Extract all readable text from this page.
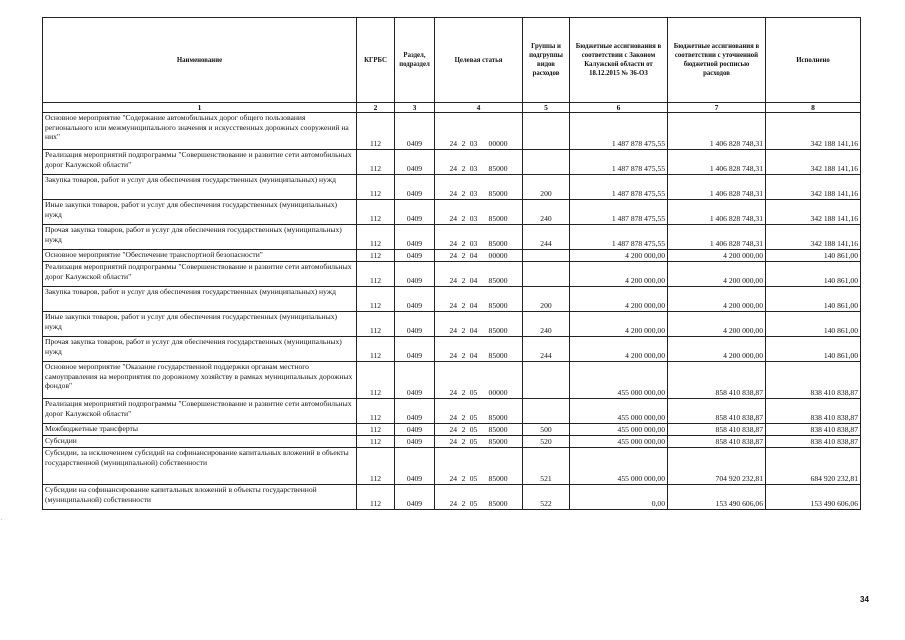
Наименование	КГРБС	Раздел, подраздел	Целевая статья	Группы и подгруппы видов расходов	Бюджетные ассигнования в соответствии с Законом Калужской области от 18.12.2015 № 36-ОЗ	Бюджетные ассигнования в соответствии с уточненной бюджетной росписью расходов	Исполнено
1	2	3	4	5	6	7	8
Основное мероприятие "Содержание автомобильных дорог общего пользования регионального или межмуниципального значения и искусственных дорожных сооружений на них"	112	0409	24 2 03 00000		1 487 878 475,55	1 406 828 748,31	342 188 141,16
Реализация мероприятий подпрограммы "Совершенствование и развитие сети автомобильных дорог Калужской области"	112	0409	24 2 03 85000		1 487 878 475,55	1 406 828 748,31	342 188 141,16
Закупка товаров, работ и услуг для обеспечения государственных (муниципальных) нужд	112	0409	24 2 03 85000	200	1 487 878 475,55	1 406 828 748,31	342 188 141,16
Иные закупки товаров, работ и услуг для обеспечения государственных (муниципальных) нужд	112	0409	24 2 03 85000	240	1 487 878 475,55	1 406 828 748,31	342 188 141,16
Прочая закупка товаров, работ и услуг для обеспечения государственных (муниципальных) нужд	112	0409	24 2 03 85000	244	1 487 878 475,55	1 406 828 748,31	342 188 141,16
Основное мероприятие "Обеспечение транспортной безопасности"	112	0409	24 2 04 00000		4 200 000,00	4 200 000,00	140 861,00
Реализация мероприятий подпрограммы "Совершенствование и развитие сети автомобильных дорог Калужской области"	112	0409	24 2 04 85000		4 200 000,00	4 200 000,00	140 861,00
Закупка товаров, работ и услуг для обеспечения государственных (муниципальных) нужд	112	0409	24 2 04 85000	200	4 200 000,00	4 200 000,00	140 861,00
Иные закупки товаров, работ и услуг для обеспечения государственных (муниципальных) нужд	112	0409	24 2 04 85000	240	4 200 000,00	4 200 000,00	140 861,00
Прочая закупка товаров, работ и услуг для обеспечения государственных (муниципальных) нужд	112	0409	24 2 04 85000	244	4 200 000,00	4 200 000,00	140 861,00
Основное мероприятие "Оказание государственной поддержки органам местного самоуправления на мероприятия по дорожному хозяйству в рамках муниципальных дорожных фондов"	112	0409	24 2 05 00000		455 000 000,00	858 410 838,87	838 410 838,87
Реализация мероприятий подпрограммы "Совершенствование и развитие сети автомобильных дорог Калужской области"	112	0409	24 2 05 85000		455 000 000,00	858 410 838,87	838 410 838,87
Межбюджетные трансферты	112	0409	24 2 05 85000	500	455 000 000,00	858 410 838,87	838 410 838,87
Субсидии	112	0409	24 2 05 85000	520	455 000 000,00	858 410 838,87	838 410 838,87
Субсидии, за исключением субсидий на софинансирование капитальных вложений в объекты государственной (муниципальной) собственности	112	0409	24 2 05 85000	521	455 000 000,00	704 920 232,81	684 920 232,81
Субсидии на софинансирование капитальных вложений в объекты государственной (муниципальной) собственности	112	0409	24 2 05 85000	522	0,00	153 490 606,06	153 490 606,06
34
.
